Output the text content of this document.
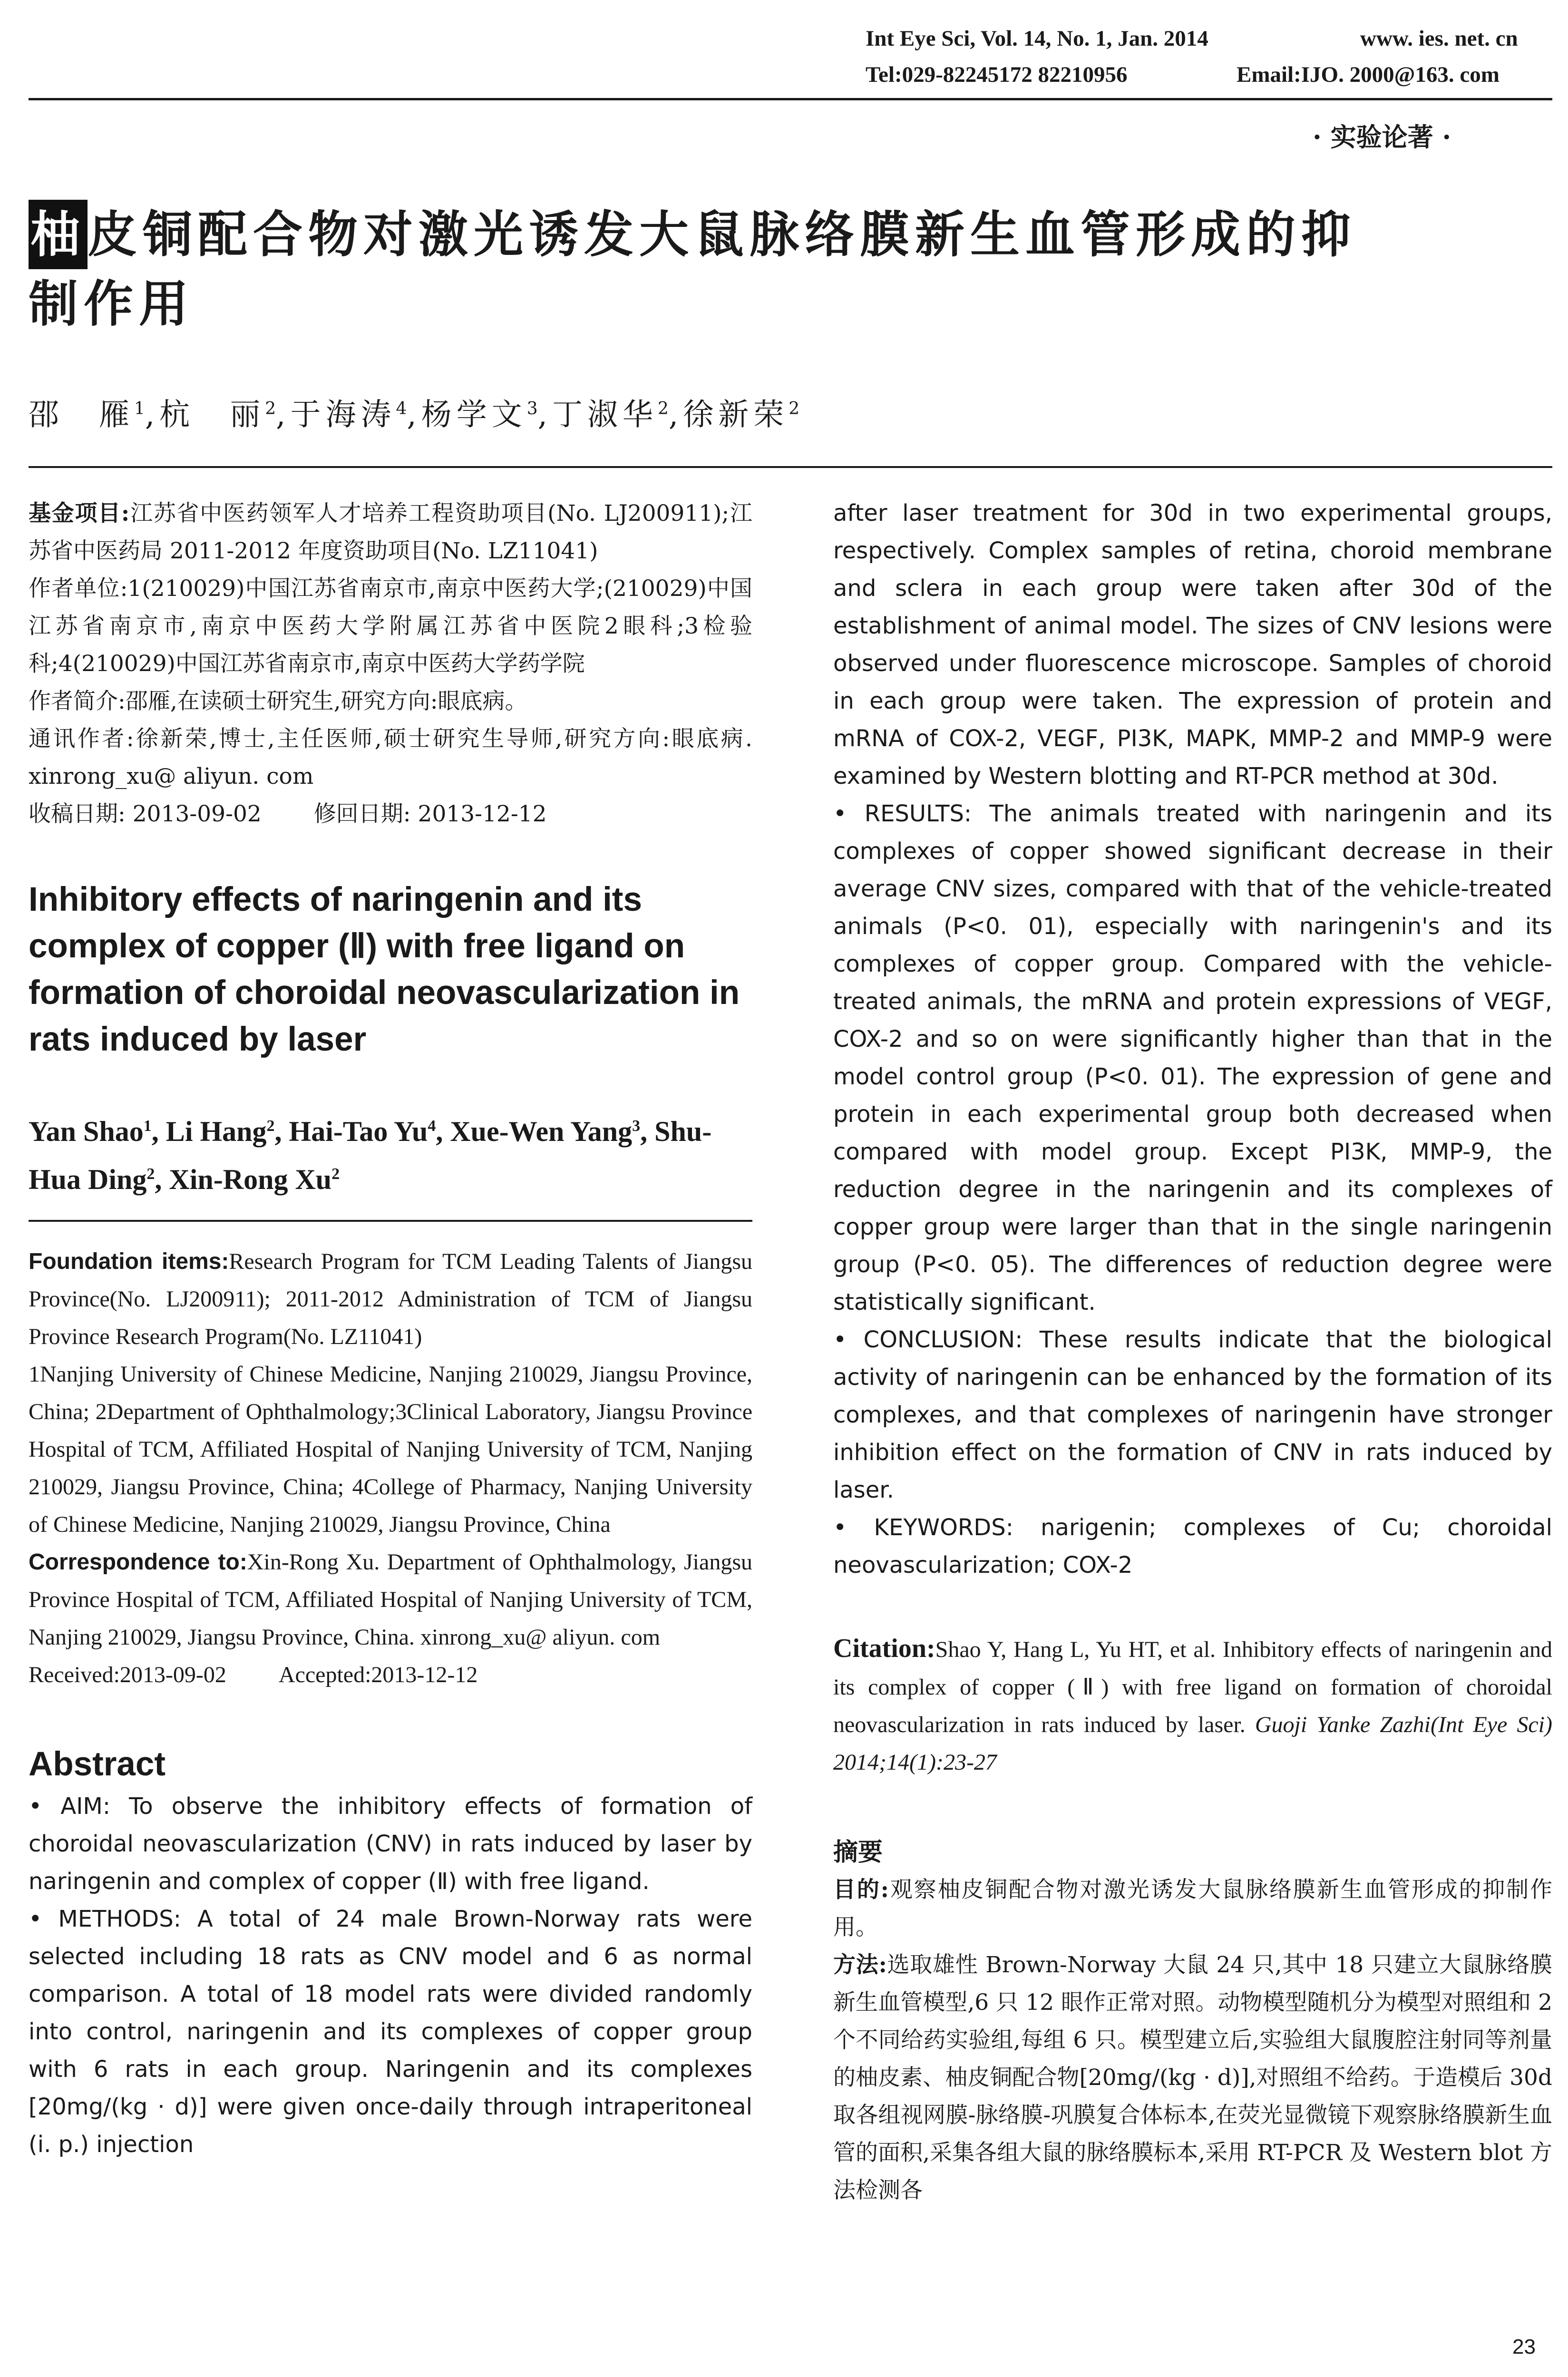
Int Eye Sci, Vol. 14, No. 1, Jan. 2014	www. ies. net. cn
Tel:029-82245172 82210956	Email:IJO. 2000@163. com
· 实验论著 ·
柚皮铜配合物对激光诱发大鼠脉络膜新生血管形成的抑
制作用
邵　雁$^1$,杭　丽$^2$,于海涛$^4$,杨学文$^3$,丁淑华$^2$,徐新荣$^2$

基金项目:江苏省中医药领军人才培养工程资助项目(No. LJ200911);江苏省中医药局 2011-2012 年度资助项目(No. LZ11041)

作者单位:1(210029)中国江苏省南京市,南京中医药大学;(210029)中国江苏省南京市,南京中医药大学附属江苏省中医院2眼科;3检验科;4(210029)中国江苏省南京市,南京中医药大学药学院

作者简介:邵雁,在读硕士研究生,研究方向:眼底病。

通讯作者:徐新荣,博士,主任医师,硕士研究生导师,研究方向:眼底病. xinrong_xu@ aliyun. com

收稿日期: 2013-09-02 修回日期: 2013-12-12

Inhibitory effects of naringenin and its complex of copper (Ⅱ) with free ligand on formation of choroidal neovascularization in rats induced by laser
Yan Shao$^1$, Li Hang$^2$, Hai-Tao Yu$^4$, Xue-Wen Yang$^3$, Shu-Hua Ding$^2$, Xin-Rong Xu$^2$

Foundation items:Research Program for TCM Leading Talents of Jiangsu Province(No. LJ200911); 2011-2012 Administration of TCM of Jiangsu Province Research Program(No. LZ11041)

1Nanjing University of Chinese Medicine, Nanjing 210029, Jiangsu Province, China; 2Department of Ophthalmology;3Clinical Laboratory, Jiangsu Province Hospital of TCM, Affiliated Hospital of Nanjing University of TCM, Nanjing 210029, Jiangsu Province, China; 4College of Pharmacy, Nanjing University of Chinese Medicine, Nanjing 210029, Jiangsu Province, China

Correspondence to:Xin-Rong Xu. Department of Ophthalmology, Jiangsu Province Hospital of TCM, Affiliated Hospital of Nanjing University of TCM, Nanjing 210029, Jiangsu Province, China. xinrong_xu@ aliyun. com

Received:2013-09-02 Accepted:2013-12-12

Abstract

• AIM: To observe the inhibitory effects of formation of choroidal neovascularization (CNV) in rats induced by laser by naringenin and complex of copper (Ⅱ) with free ligand.

• METHODS: A total of 24 male Brown-Norway rats were selected including 18 rats as CNV model and 6 as normal comparison. A total of 18 model rats were divided randomly into control, naringenin and its complexes of copper group with 6 rats in each group. Naringenin and its complexes [20mg/(kg · d)] were given once-daily through intraperitoneal (i. p.) injection

after laser treatment for 30d in two experimental groups, respectively. Complex samples of retina, choroid membrane and sclera in each group were taken after 30d of the establishment of animal model. The sizes of CNV lesions were observed under fluorescence microscope. Samples of choroid in each group were taken. The expression of protein and mRNA of COX-2, VEGF, PI3K, MAPK, MMP-2 and MMP-9 were examined by Western blotting and RT-PCR method at 30d.

• RESULTS: The animals treated with naringenin and its complexes of copper showed significant decrease in their average CNV sizes, compared with that of the vehicle-treated animals (P<0. 01), especially with naringenin's and its complexes of copper group. Compared with the vehicle-treated animals, the mRNA and protein expressions of VEGF, COX-2 and so on were significantly higher than that in the model control group (P<0. 01). The expression of gene and protein in each experimental group both decreased when compared with model group. Except PI3K, MMP-9, the reduction degree in the naringenin and its complexes of copper group were larger than that in the single naringenin group (P<0. 05). The differences of reduction degree were statistically significant.

• CONCLUSION: These results indicate that the biological activity of naringenin can be enhanced by the formation of its complexes, and that complexes of naringenin have stronger inhibition effect on the formation of CNV in rats induced by laser.

• KEYWORDS: narigenin; complexes of Cu; choroidal neovascularization; COX-2

Citation:Shao Y, Hang L, Yu HT, et al. Inhibitory effects of naringenin and its complex of copper (Ⅱ) with free ligand on formation of choroidal neovascularization in rats induced by laser. Guoji Yanke Zazhi(Int Eye Sci) 2014;14(1):23-27
摘要

目的:观察柚皮铜配合物对激光诱发大鼠脉络膜新生血管形成的抑制作用。

方法:选取雄性 Brown-Norway 大鼠 24 只,其中 18 只建立大鼠脉络膜新生血管模型,6 只 12 眼作正常对照。动物模型随机分为模型对照组和 2 个不同给药实验组,每组 6 只。模型建立后,实验组大鼠腹腔注射同等剂量的柚皮素、柚皮铜配合物[20mg/(kg · d)],对照组不给药。于造模后 30d 取各组视网膜-脉络膜-巩膜复合体标本,在荧光显微镜下观察脉络膜新生血管的面积,采集各组大鼠的脉络膜标本,采用 RT-PCR 及 Western blot 方法检测各

23
